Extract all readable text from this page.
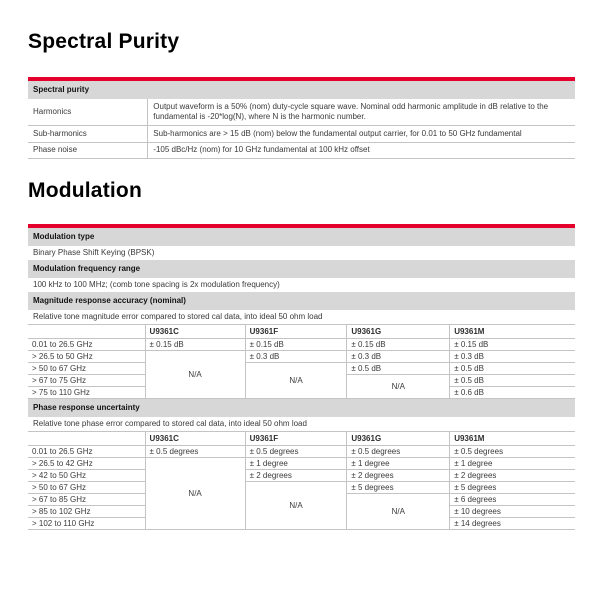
Spectral Purity
Spectral purity
Harmonics	Output waveform is a 50% (nom) duty-cycle square wave. Nominal odd harmonic amplitude in dB relative to the fundamental is -20*log(N), where N is the harmonic number.
Sub-harmonics	Sub-harmonics are > 15 dB (nom) below the fundamental output carrier, for 0.01 to 50 GHz fundamental
Phase noise	-105 dBc/Hz (nom) for 10 GHz fundamental at 100 kHz offset
Modulation
Modulation type
Binary Phase Shift Keying (BPSK)
Modulation frequency range
100 kHz to 100 MHz; (comb tone spacing is 2x modulation frequency)
Magnitude response accuracy (nominal)
Relative tone magnitude error compared to stored cal data, into ideal 50 ohm load
	U9361C	U9361F	U9361G	U9361M
0.01 to 26.5 GHz	± 0.15 dB	± 0.15 dB	± 0.15 dB	± 0.15 dB
> 26.5 to 50 GHz	N/A	± 0.3 dB	± 0.3 dB	± 0.3 dB
> 50 to 67 GHz		N/A	± 0.5 dB	± 0.5 dB
> 67 to 75 GHz			N/A	± 0.5 dB
> 75 to 110 GHz				± 0.6 dB
Phase response uncertainty
Relative tone phase error compared to stored cal data, into ideal 50 ohm load
	U9361C	U9361F	U9361G	U9361M
0.01 to 26.5 GHz	± 0.5 degrees	± 0.5 degrees	± 0.5 degrees	± 0.5 degrees
> 26.5 to 42 GHz	N/A	± 1 degree	± 1 degree	± 1 degree
> 42 to 50 GHz		± 2 degrees	± 2 degrees	± 2 degrees
> 50 to 67 GHz		N/A	± 5 degrees	± 5 degrees
> 67 to 85 GHz			N/A	± 6 degrees
> 85 to 102 GHz				± 10 degrees
> 102 to 110 GHz				± 14 degrees
